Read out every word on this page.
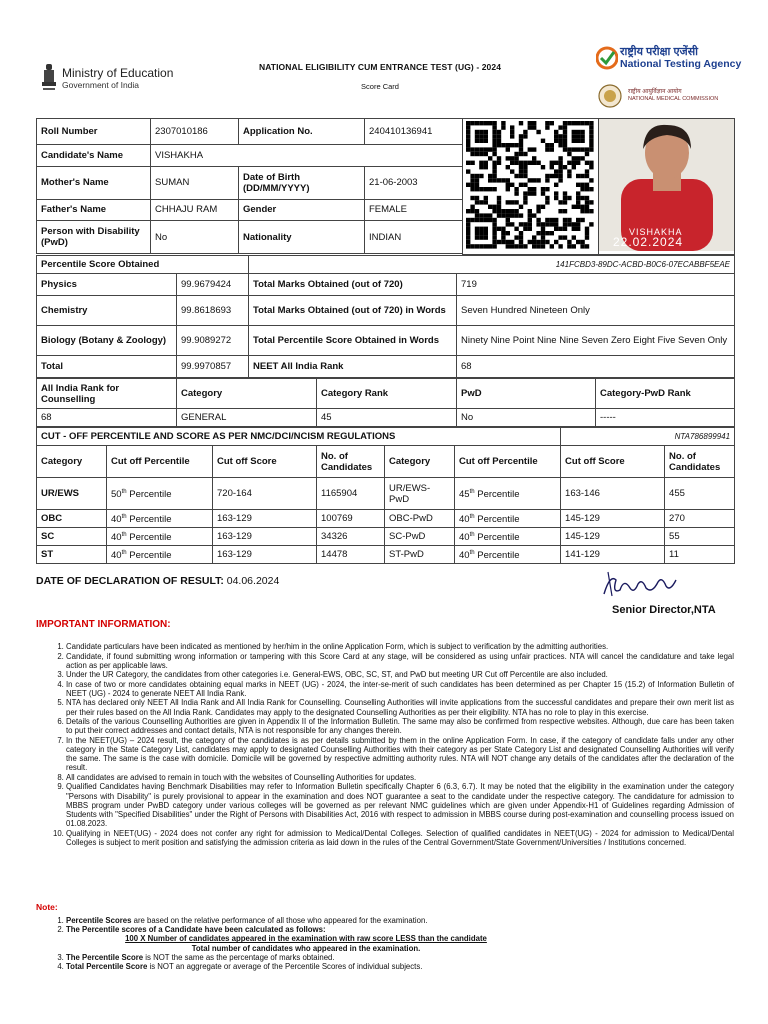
Ministry of Education
Government of India
NATIONAL ELIGIBILITY CUM ENTRANCE TEST (UG) - 2024
Score Card
राष्ट्रीय परीक्षा एजेंसी
National Testing Agency
राष्ट्रीय आयुर्विज्ञान आयोग
NATIONAL MEDICAL COMMISSION
Roll Number	2307010186	Application No.	240410136941		VISHAKHA
22.02.2024

Candidate's Name	VISHAKHA				
Mother's Name	SUMAN	Date of Birth (DD/MM/YYYY)	21-06-2003		
Father's Name	CHHAJU RAM	Gender	FEMALE		
Person with Disability (PwD)	No	Nationality	INDIAN		

Percentile Score Obtained		141FCBD3-89DC-ACBD-B0C6-07ECABBF5EAE	
Physics	99.9679424	Total Marks Obtained (out of 720)	719
Chemistry	99.8618693	Total Marks Obtained (out of 720) in Words	Seven Hundred Nineteen Only
Biology (Botany & Zoology)	99.9089272	Total Percentile Score Obtained in Words	Ninety Nine Point Nine Nine Seven Zero Eight Five Seven Only
Total	99.9970857	NEET All India Rank	68
All India Rank for Counselling	Category	Category Rank	PwD	Category-PwD Rank
68	GENERAL	45	No	-----
CUT - OFF PERCENTILE AND SCORE AS PER NMC/DCI/NCISM REGULATIONS						NTA786899941	
Category	Cut off Percentile	Cut off Score	No. of Candidates	Category	Cut off Percentile	Cut off Score	No. of Candidates
UR/EWS	50th Percentile	720-164	1165904	UR/EWS-PwD	45th Percentile	163-146	455
OBC	40th Percentile	163-129	100769	OBC-PwD	40th Percentile	145-129	270
SC	40th Percentile	163-129	34326	SC-PwD	40th Percentile	145-129	55
ST	40th Percentile	163-129	14478	ST-PwD	40th Percentile	141-129	11
DATE OF DECLARATION OF RESULT: 04.06.2024
Senior Director,NTA
IMPORTANT INFORMATION:
1. Candidate particulars have been indicated as mentioned by her/him in the online Application Form, which is subject to verification by the admitting authorities.
2. Candidate, if found submitting wrong information or tampering with this Score Card at any stage, will be considered as using unfair practices. NTA will cancel the candidature and take legal action as per applicable laws.
3. Under the UR Category, the candidates from other categories i.e. General-EWS, OBC, SC, ST, and PwD but meeting UR Cut off Percentile are also included.
4. In case of two or more candidates obtaining equal marks in NEET (UG) - 2024, the inter-se-merit of such candidates has been determined as per Chapter 15 (15.2) of Information Bulletin of NEET (UG) - 2024 to generate NEET All India Rank.
5. NTA has declared only NEET All India Rank and All India Rank for Counselling. Counselling Authorities will invite applications from the successful candidates and prepare their own merit list as per their rules based on the All India Rank. Candidates may apply to the designated Counselling Authorities as per their eligibility. NTA has no role to play in this exercise.
6. Details of the various Counselling Authorities are given in Appendix II of the Information Bulletin. The same may also be confirmed from respective websites. Although, due care has been taken to put their correct addresses and contact details, NTA is not responsible for any changes therein.
7. In the NEET(UG) – 2024 result, the category of the candidates is as per details submitted by them in the online Application Form. In case, if the category of candidate falls under any other category in the State Category List, candidates may apply to designated Counselling Authorities with their category as per State Category List and designated Counselling Authorities will verify the same. The same is the case with domicile. Domicile will be governed by respective admitting authority rules. NTA will NOT change any details of the candidates after the declaration of the result.
8. All candidates are advised to remain in touch with the websites of Counselling Authorities for updates.
9. Qualified Candidates having Benchmark Disabilities may refer to Information Bulletin specifically Chapter 6 (6.3, 6.7). It may be noted that the eligibility in the examination under the category "Persons with Disability" is purely provisional to appear in the examination and does NOT guarantee a seat to the candidate under the respective category. The candidature for admission to MBBS program under PwBD category under various colleges will be governed as per relevant NMC guidelines which are given under Appendix-H1 of Guidelines regarding Admission of Students with "Specified Disabilities" under the Right of Persons with Disabilities Act, 2016 with respect to admission in MBBS course during post-examination and counselling process issued on 01.08.2023.
10. Qualifying in NEET(UG) - 2024 does not confer any right for admission to Medical/Dental Colleges. Selection of qualified candidates in NEET(UG) - 2024 for admission to Medical/Dental Colleges is subject to merit position and satisfying the admission criteria as laid down in the rules of the Central Government/State Government/Universities / Institutions concerned.
Note:
1. Percentile Scores are based on the relative performance of all those who appeared for the examination.
2. The Percentile scores of a Candidate have been calculated as follows:
100 X Number of candidates appeared in the examination with raw score LESS than the candidate
Total number of candidates who appeared in the examination.
3. The Percentile Score is NOT the same as the percentage of marks obtained.
4. Total Percentile Score is NOT an aggregate or average of the Percentile Scores of individual subjects.
